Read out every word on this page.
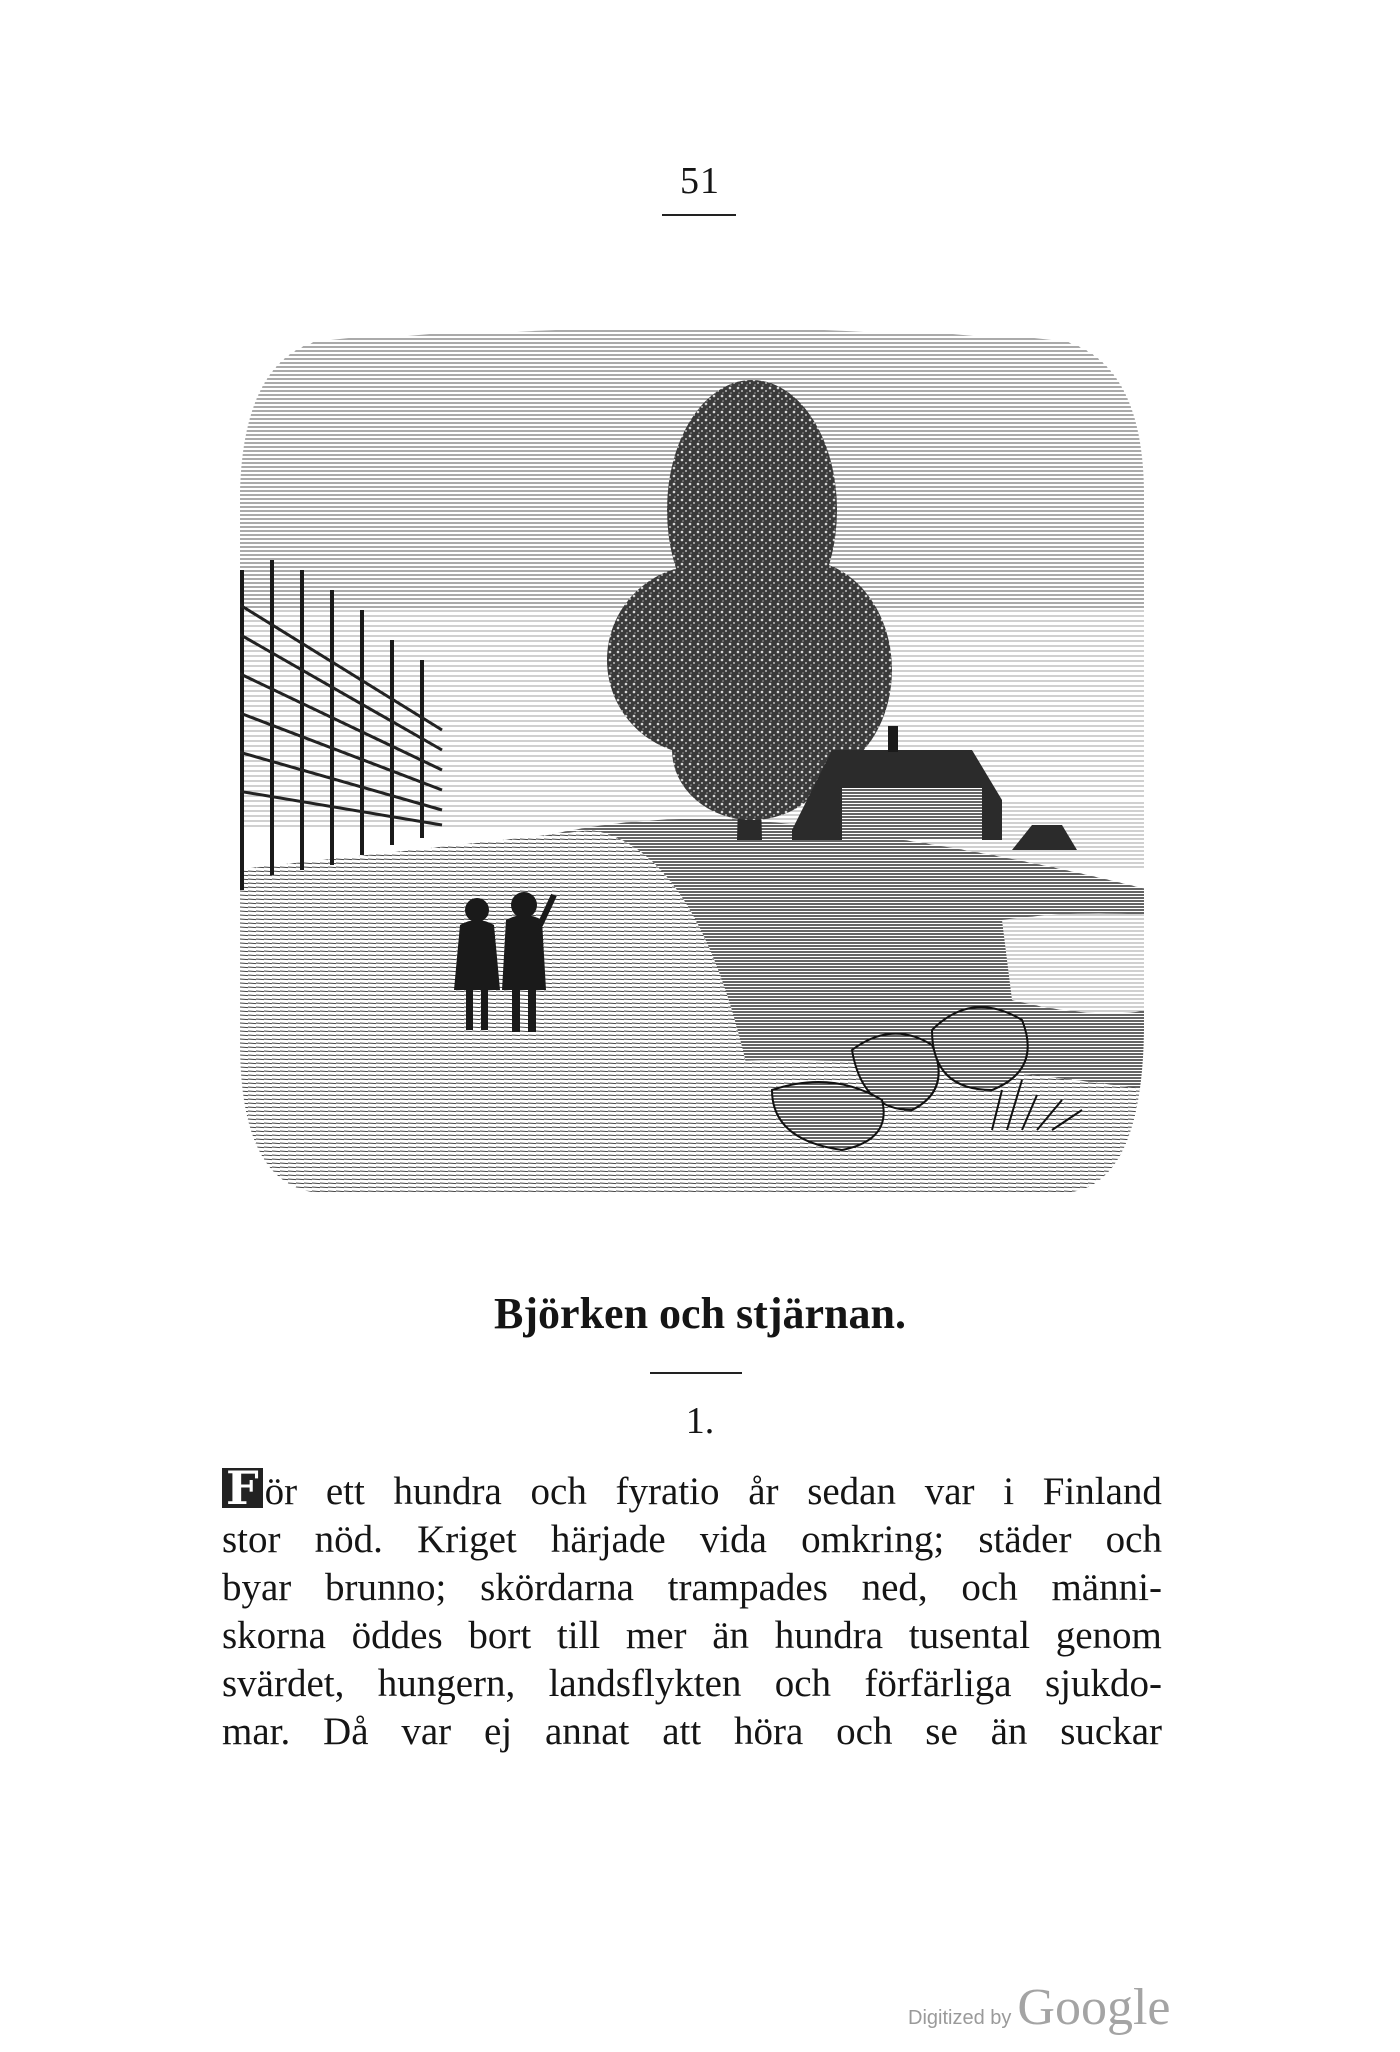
51
Björken och stjärnan.
1.
F ör ett hundra och fyratio år sedan var i Finland
stor nöd. Kriget härjade vida omkring; städer och
byar brunno; skördarna trampades ned, och männi-
skorna öddes bort till mer än hundra tusental genom
svärdet, hungern, landsflykten och förfärliga sjukdo-
mar. Då var ej annat att höra och se än suckar
Digitized by Google
